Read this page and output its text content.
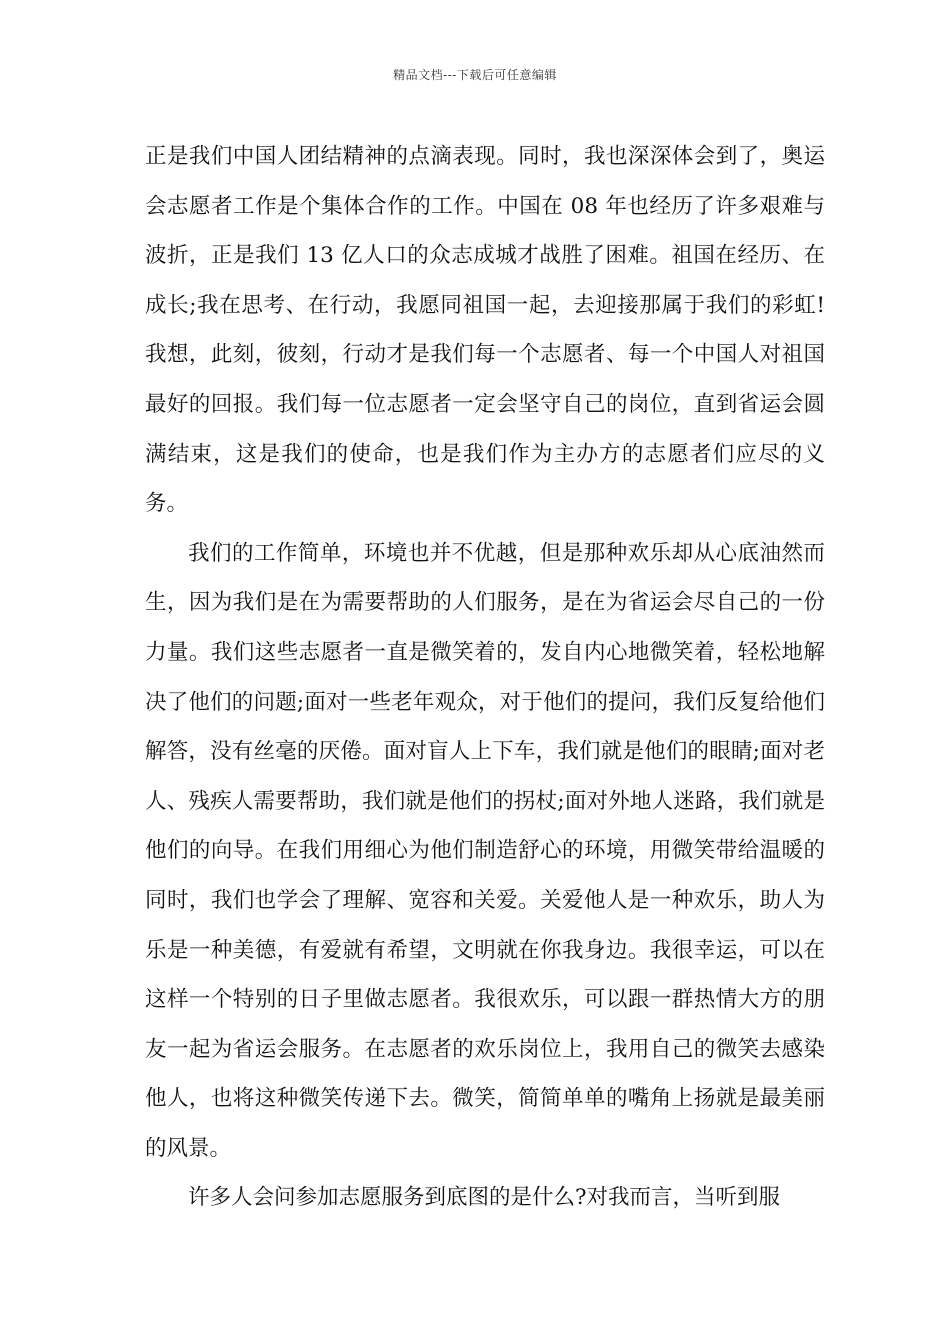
精品文档---下载后可任意编辑

正是我们中国人团结精神的点滴表现。同时，我也深深体会到了，奥运会志愿者工作是个集体合作的工作。中国在 08 年也经历了许多艰难与波折，正是我们 13 亿人口的众志成城才战胜了困难。祖国在经历、在成长;我在思考、在行动，我愿同祖国一起，去迎接那属于我们的彩虹!我想，此刻，彼刻，行动才是我们每一个志愿者、每一个中国人对祖国最好的回报。我们每一位志愿者一定会坚守自己的岗位，直到省运会圆满结束，这是我们的使命，也是我们作为主办方的志愿者们应尽的义务。

我们的工作简单，环境也并不优越，但是那种欢乐却从心底油然而生，因为我们是在为需要帮助的人们服务，是在为省运会尽自己的一份力量。我们这些志愿者一直是微笑着的，发自内心地微笑着，轻松地解决了他们的问题;面对一些老年观众，对于他们的提问，我们反复给他们解答，没有丝毫的厌倦。面对盲人上下车，我们就是他们的眼睛;面对老人、残疾人需要帮助，我们就是他们的拐杖;面对外地人迷路，我们就是他们的向导。在我们用细心为他们制造舒心的环境，用微笑带给温暖的同时，我们也学会了理解、宽容和关爱。关爱他人是一种欢乐，助人为乐是一种美德，有爱就有希望，文明就在你我身边。我很幸运，可以在这样一个特别的日子里做志愿者。我很欢乐，可以跟一群热情大方的朋友一起为省运会服务。在志愿者的欢乐岗位上，我用自己的微笑去感染他人，也将这种微笑传递下去。微笑，简简单单的嘴角上扬就是最美丽的风景。

许多人会问参加志愿服务到底图的是什么?对我而言，当听到服
